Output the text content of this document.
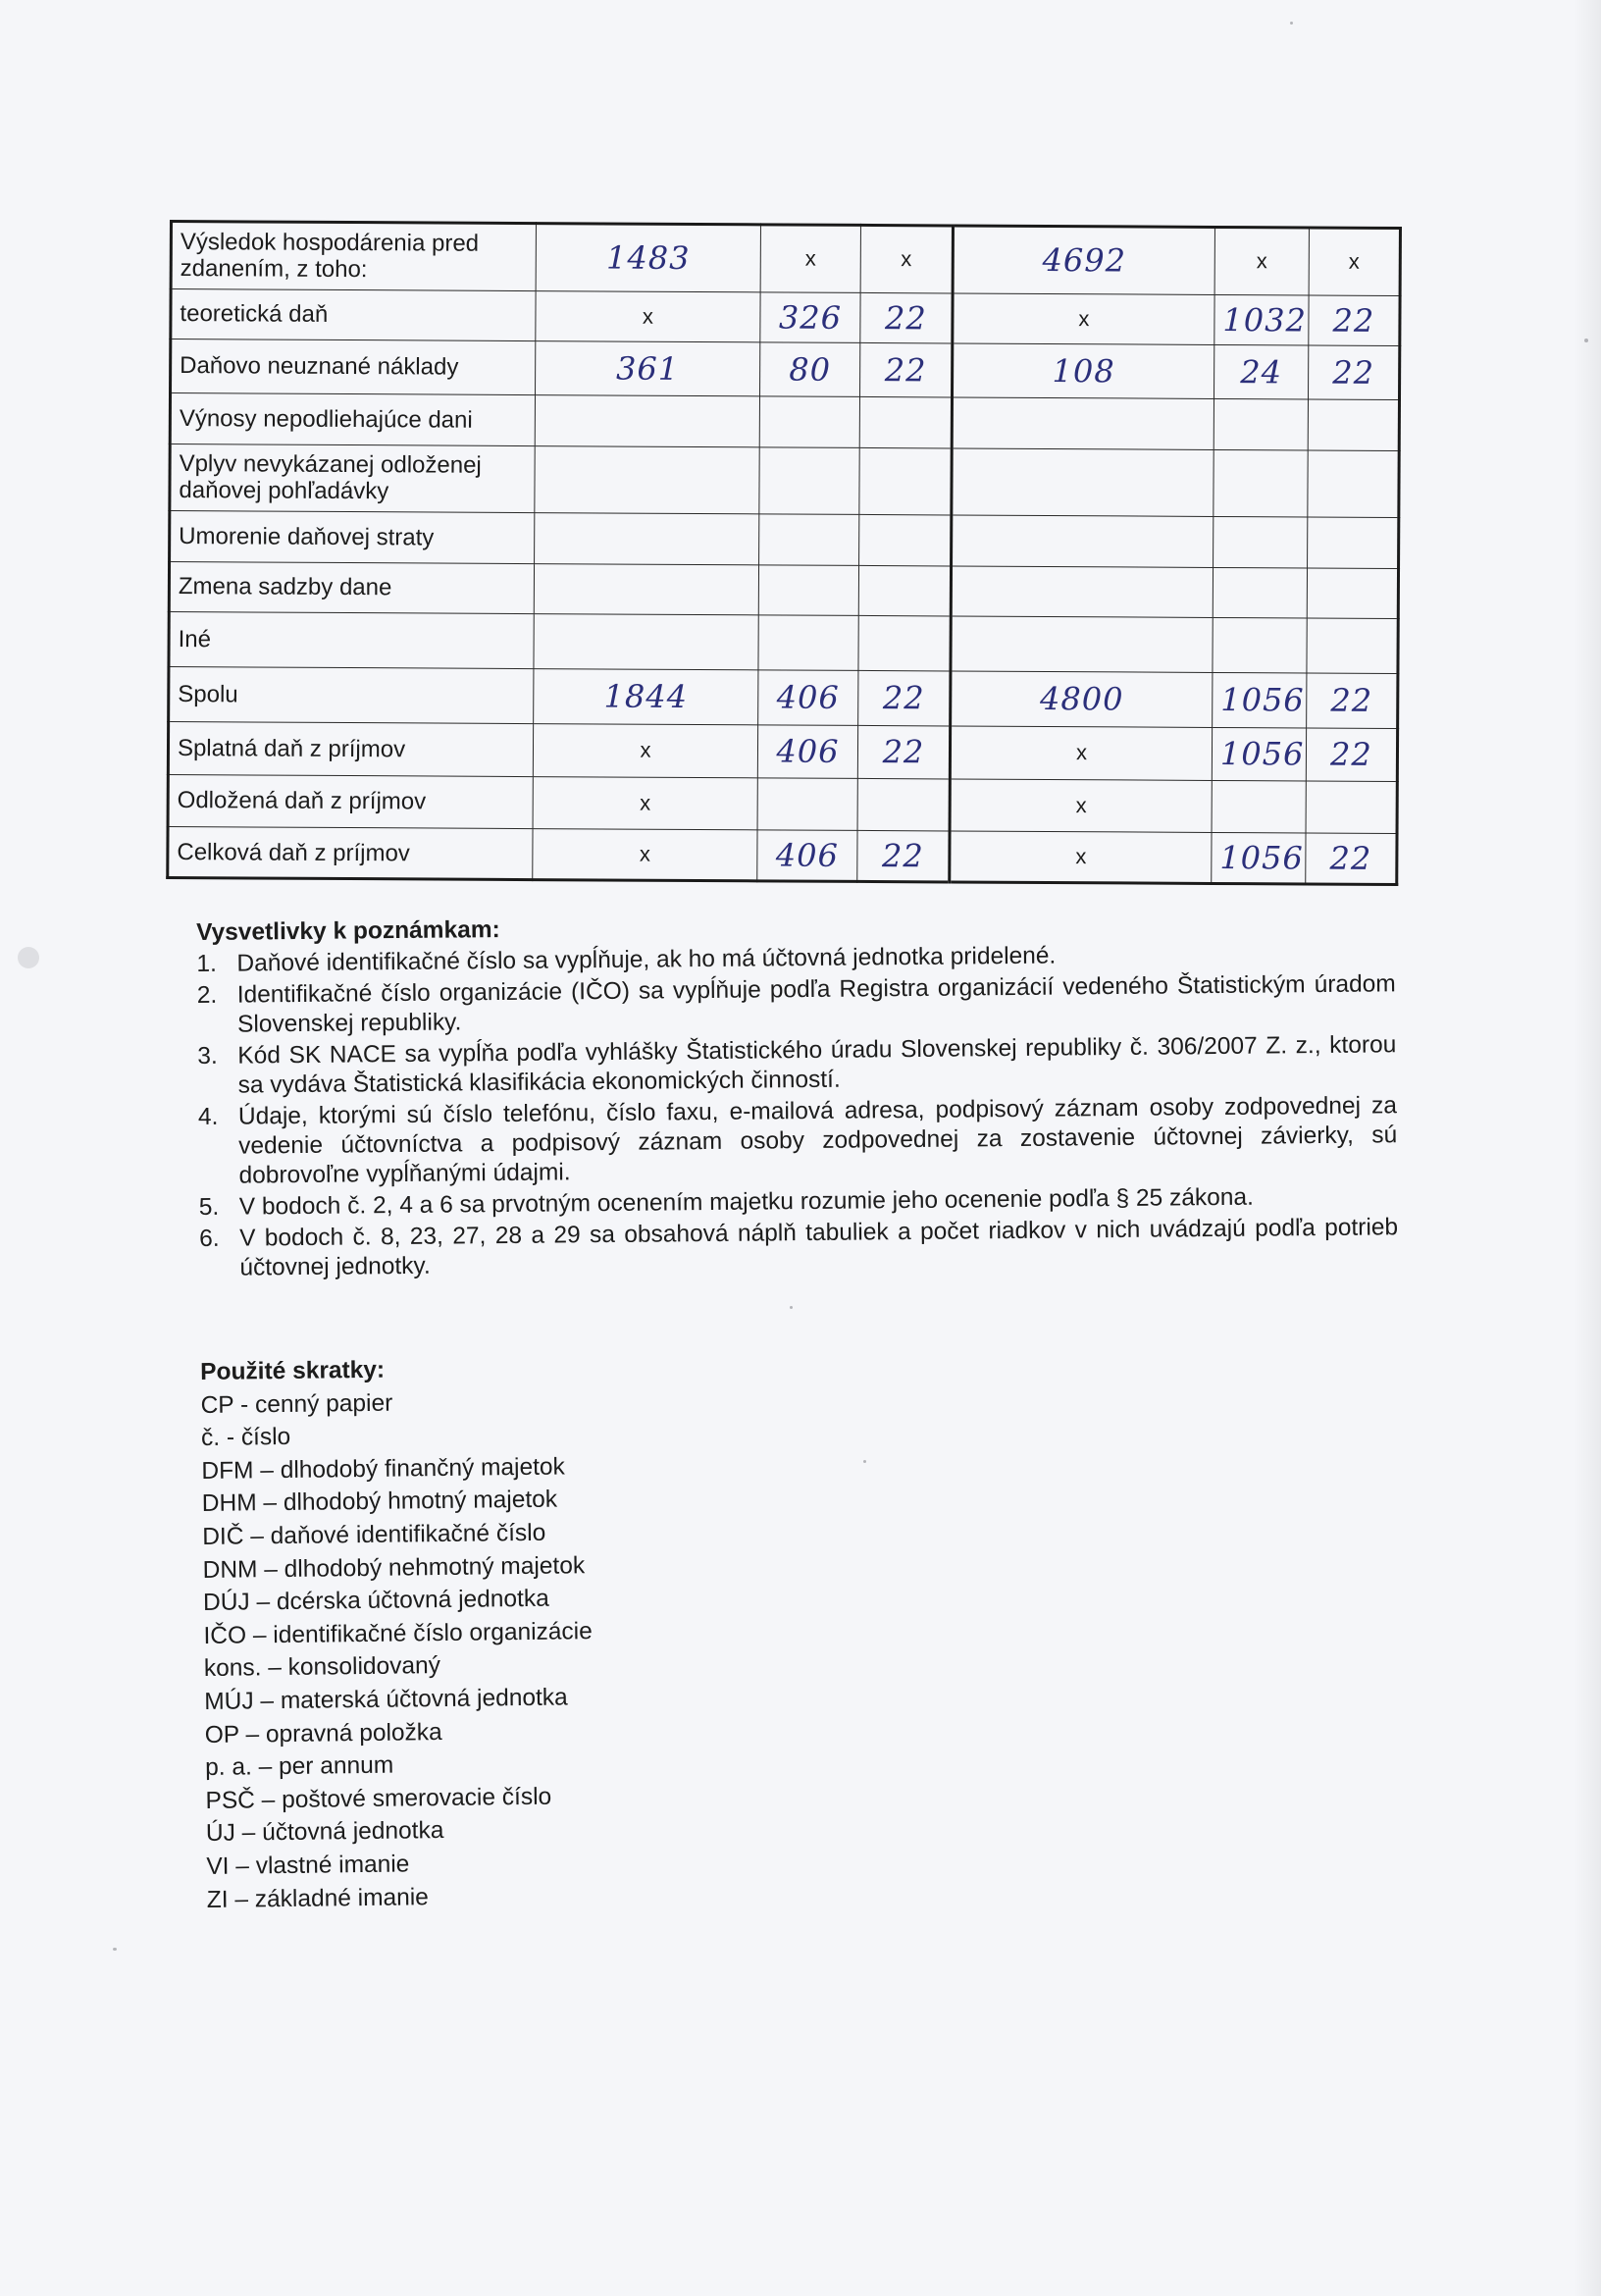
Výsledok hospodárenia pred zdanením, z toho:	1483	x	x	4692	x	x
teoretická daň	x	326	22	x	1032	22
Daňovo neuznané náklady	361	80	22	108	24	22
Výnosy nepodliehajúce dani						
Vplyv nevykázanej odloženej daňovej pohľadávky						
Umorenie daňovej straty						
Zmena sadzby dane						
Iné						
Spolu	1844	406	22	4800	1056	22
Splatná daň z príjmov	x	406	22	x	1056	22
Odložená daň z príjmov	x			x		
Celková daň z príjmov	x	406	22	x	1056	22
Vysvetlivky k poznámkam:
1. Daňové identifikačné číslo sa vypĺňuje, ak ho má účtovná jednotka pridelené.
2. Identifikačné číslo organizácie (IČO) sa vypĺňuje podľa Registra organizácií vedeného Štatistickým úradom Slovenskej republiky.
3. Kód SK NACE sa vypĺňa podľa vyhlášky Štatistického úradu Slovenskej republiky č. 306/2007 Z. z., ktorou sa vydáva Štatistická klasifikácia ekonomických činností.
4. Údaje, ktorými sú číslo telefónu, číslo faxu, e-mailová adresa, podpisový záznam osoby zodpovednej za vedenie účtovníctva a podpisový záznam osoby zodpovednej za zostavenie účtovnej závierky, sú dobrovoľne vypĺňanými údajmi.
5. V bodoch č. 2, 4 a 6 sa prvotným ocenením majetku rozumie jeho ocenenie podľa § 25 zákona.
6. V bodoch č. 8, 23, 27, 28 a 29 sa obsahová náplň tabuliek a počet riadkov v nich uvádzajú podľa potrieb účtovnej jednotky.
Použité skratky:
CP - cenný papier
č. - číslo
DFM – dlhodobý finančný majetok
DHM – dlhodobý hmotný majetok
DIČ – daňové identifikačné číslo
DNM – dlhodobý nehmotný majetok
DÚJ – dcérska účtovná jednotka
IČO – identifikačné číslo organizácie
kons. – konsolidovaný
MÚJ – materská účtovná jednotka
OP – opravná položka
p. a. – per annum
PSČ – poštové smerovacie číslo
ÚJ – účtovná jednotka
VI – vlastné imanie
ZI – základné imanie
